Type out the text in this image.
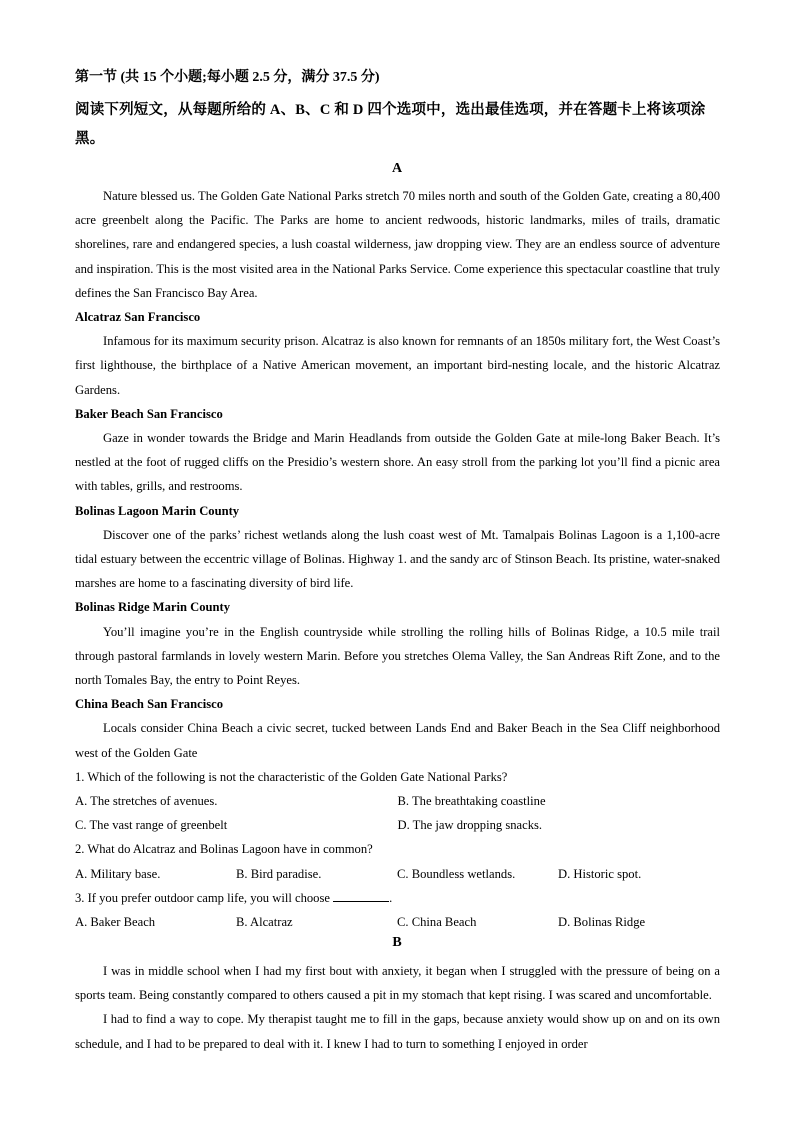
第一节 (共 15 个小题;每小题 2.5 分，满分 37.5 分)
阅读下列短文，从每题所给的 A、B、C 和 D 四个选项中，选出最佳选项，并在答题卡上将该项涂黑。
A

Nature blessed us. The Golden Gate National Parks stretch 70 miles north and south of the Golden Gate, creating a 80,400 acre greenbelt along the Pacific. The Parks are home to ancient redwoods, historic landmarks, miles of trails, dramatic shorelines, rare and endangered species, a lush coastal wilderness, jaw dropping view. They are an endless source of adventure and inspiration. This is the most visited area in the National Parks Service. Come experience this spectacular coastline that truly defines the San Francisco Bay Area.

Alcatraz San Francisco

Infamous for its maximum security prison. Alcatraz is also known for remnants of an 1850s military fort, the West Coast’s first lighthouse, the birthplace of a Native American movement, an important bird-nesting locale, and the historic Alcatraz Gardens.

Baker Beach San Francisco

Gaze in wonder towards the Bridge and Marin Headlands from outside the Golden Gate at mile-long Baker Beach. It’s nestled at the foot of rugged cliffs on the Presidio’s western shore. An easy stroll from the parking lot you’ll find a picnic area with tables, grills, and restrooms.

Bolinas Lagoon Marin County

Discover one of the parks’ richest wetlands along the lush coast west of Mt. Tamalpais Bolinas Lagoon is a 1,100-acre tidal estuary between the eccentric village of Bolinas. Highway 1. and the sandy arc of Stinson Beach. Its pristine, water-snaked marshes are home to a fascinating diversity of bird life.

Bolinas Ridge Marin County

You’ll imagine you’re in the English countryside while strolling the rolling hills of Bolinas Ridge, a 10.5 mile trail through pastoral farmlands in lovely western Marin. Before you stretches Olema Valley, the San Andreas Rift Zone, and to the north Tomales Bay, the entry to Point Reyes.

China Beach San Francisco

Locals consider China Beach a civic secret, tucked between Lands End and Baker Beach in the Sea Cliff neighborhood west of the Golden Gate

1. Which of the following is not the characteristic of the Golden Gate National Parks?

A. The stretches of avenues.	B. The breathtaking coastline
C. The vast range of greenbelt	D. The jaw dropping snacks.

2. What do Alcatraz and Bolinas Lagoon have in common?

A. Military base.	B. Bird paradise.	C. Boundless wetlands.	D. Historic spot.

3. If you prefer outdoor camp life, you will choose	.

A. Baker Beach	B. Alcatraz	C. China Beach	D. Bolinas Ridge
B

I was in middle school when I had my first bout with anxiety, it began when I struggled with the pressure of being on a sports team. Being constantly compared to others caused a pit in my stomach that kept rising. I was scared and uncomfortable.

I had to find a way to cope. My therapist taught me to fill in the gaps, because anxiety would show up on and on its own schedule, and I had to be prepared to deal with it. I knew I had to turn to something I enjoyed in order
